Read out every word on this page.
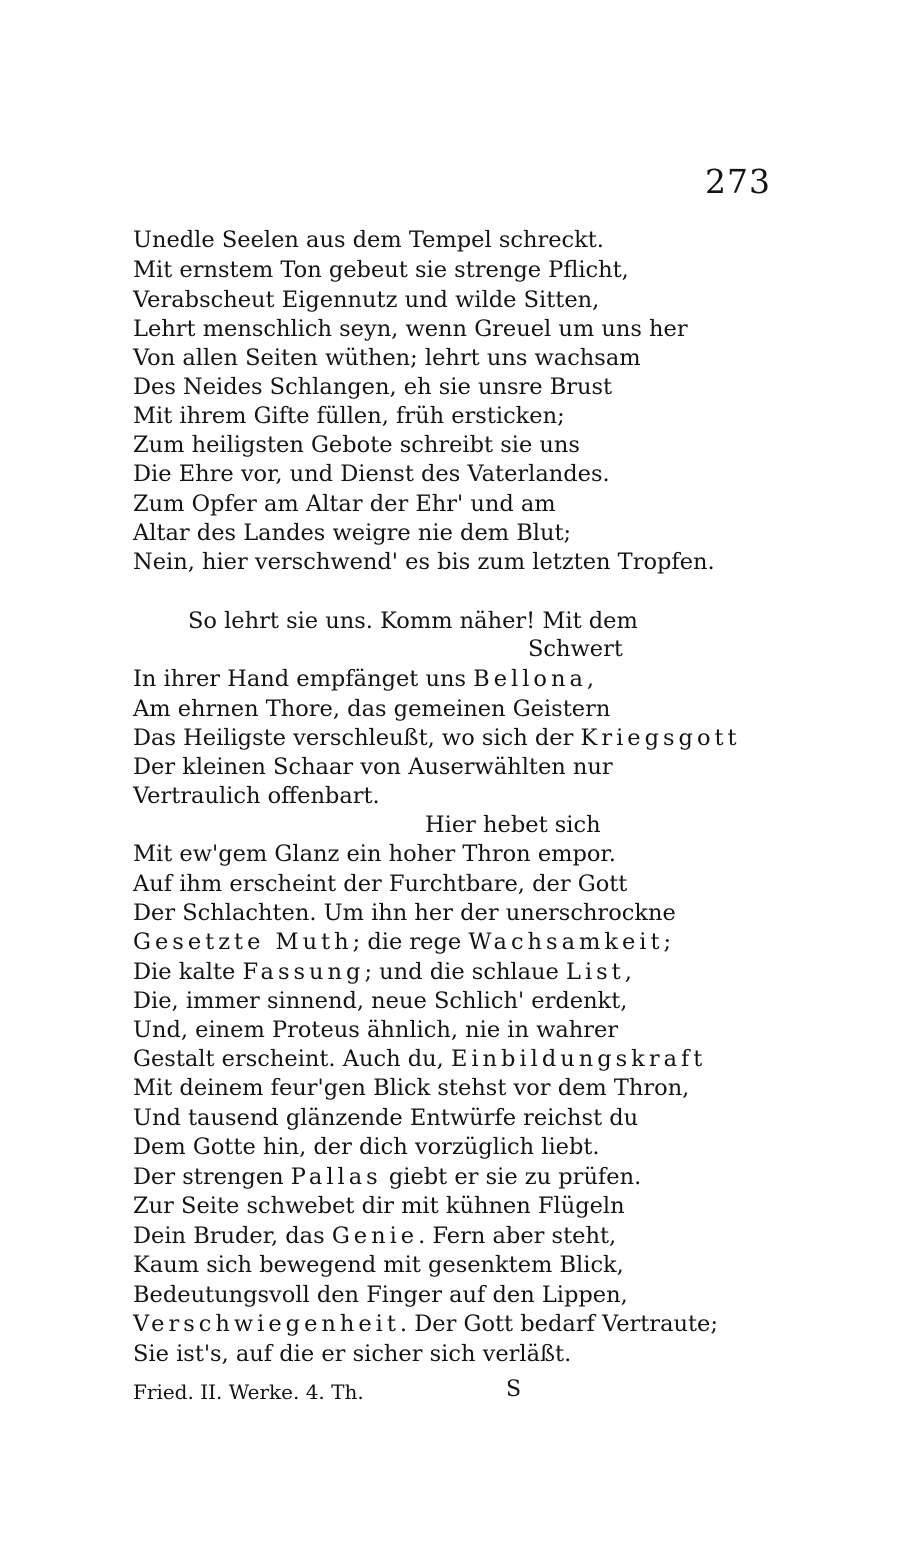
273
Unedle Seelen aus dem Tempel schreckt.
Mit ernstem Ton gebeut sie strenge Pflicht,
Verabscheut Eigennutz und wilde Sitten,
Lehrt menschlich seyn, wenn Greuel um uns her
Von allen Seiten wüthen; lehrt uns wachsam
Des Neides Schlangen, eh sie unsre Brust
Mit ihrem Gifte füllen, früh ersticken;
Zum heiligsten Gebote schreibt sie uns
Die Ehre vor, und Dienst des Vaterlandes.
Zum Opfer am Altar der Ehr' und am
Altar des Landes weigre nie dem Blut;
Nein, hier verschwend' es bis zum letzten Tropfen.
So lehrt sie uns. Komm näher! Mit dem
Schwert
In ihrer Hand empfänget uns Bellona,
Am ehrnen Thore, das gemeinen Geistern
Das Heiligste verschleußt, wo sich der Kriegsgott
Der kleinen Schaar von Auserwählten nur
Vertraulich offenbart.
Hier hebet sich
Mit ew'gem Glanz ein hoher Thron empor.
Auf ihm erscheint der Furchtbare, der Gott
Der Schlachten. Um ihn her der unerschrockne
Gesetzte Muth; die rege Wachsamkeit;
Die kalte Fassung; und die schlaue List,
Die, immer sinnend, neue Schlich' erdenkt,
Und, einem Proteus ähnlich, nie in wahrer
Gestalt erscheint. Auch du, Einbildungskraft
Mit deinem feur'gen Blick stehst vor dem Thron,
Und tausend glänzende Entwürfe reichst du
Dem Gotte hin, der dich vorzüglich liebt.
Der strengen Pallas giebt er sie zu prüfen.
Zur Seite schwebet dir mit kühnen Flügeln
Dein Bruder, das Genie. Fern aber steht,
Kaum sich bewegend mit gesenktem Blick,
Bedeutungsvoll den Finger auf den Lippen,
Verschwiegenheit. Der Gott bedarf Vertraute;
Sie ist's, auf die er sicher sich verläßt.
Fried. II. Werke. 4. Th.	S
